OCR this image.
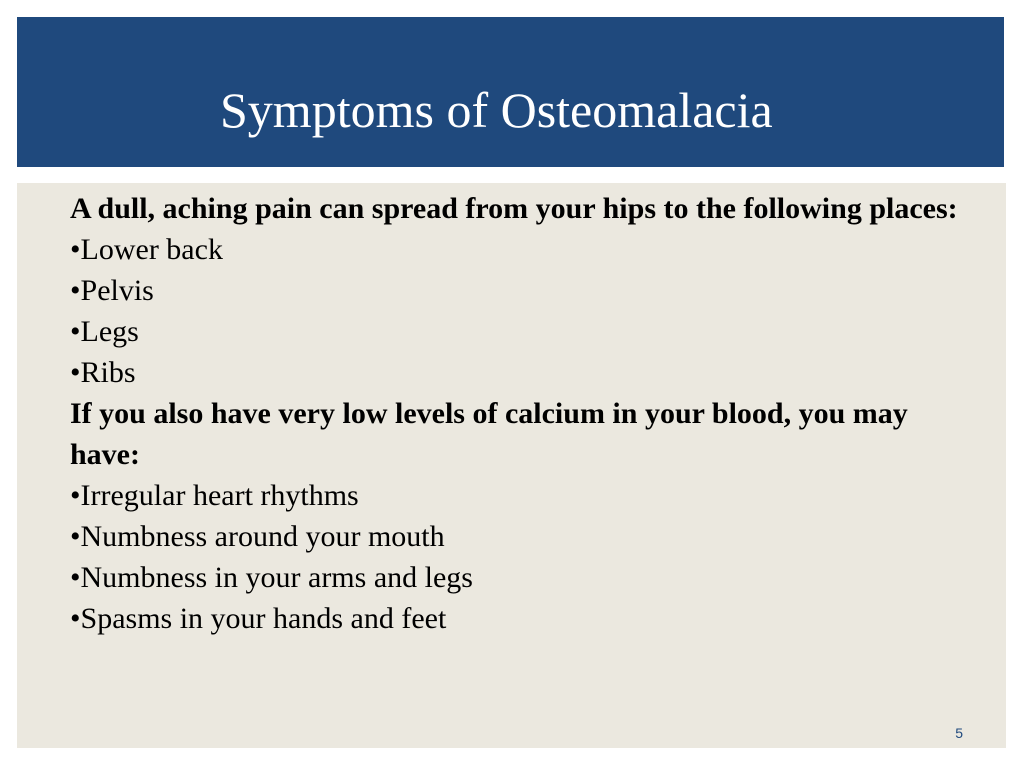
Symptoms of Osteomalacia

A dull, aching pain can spread from your hips to the following places:

•Lower back

•Pelvis

•Legs

•Ribs

If you also have very low levels of calcium in your blood, you may have:

•Irregular heart rhythms

•Numbness around your mouth

•Numbness in your arms and legs

•Spasms in your hands and feet

5
